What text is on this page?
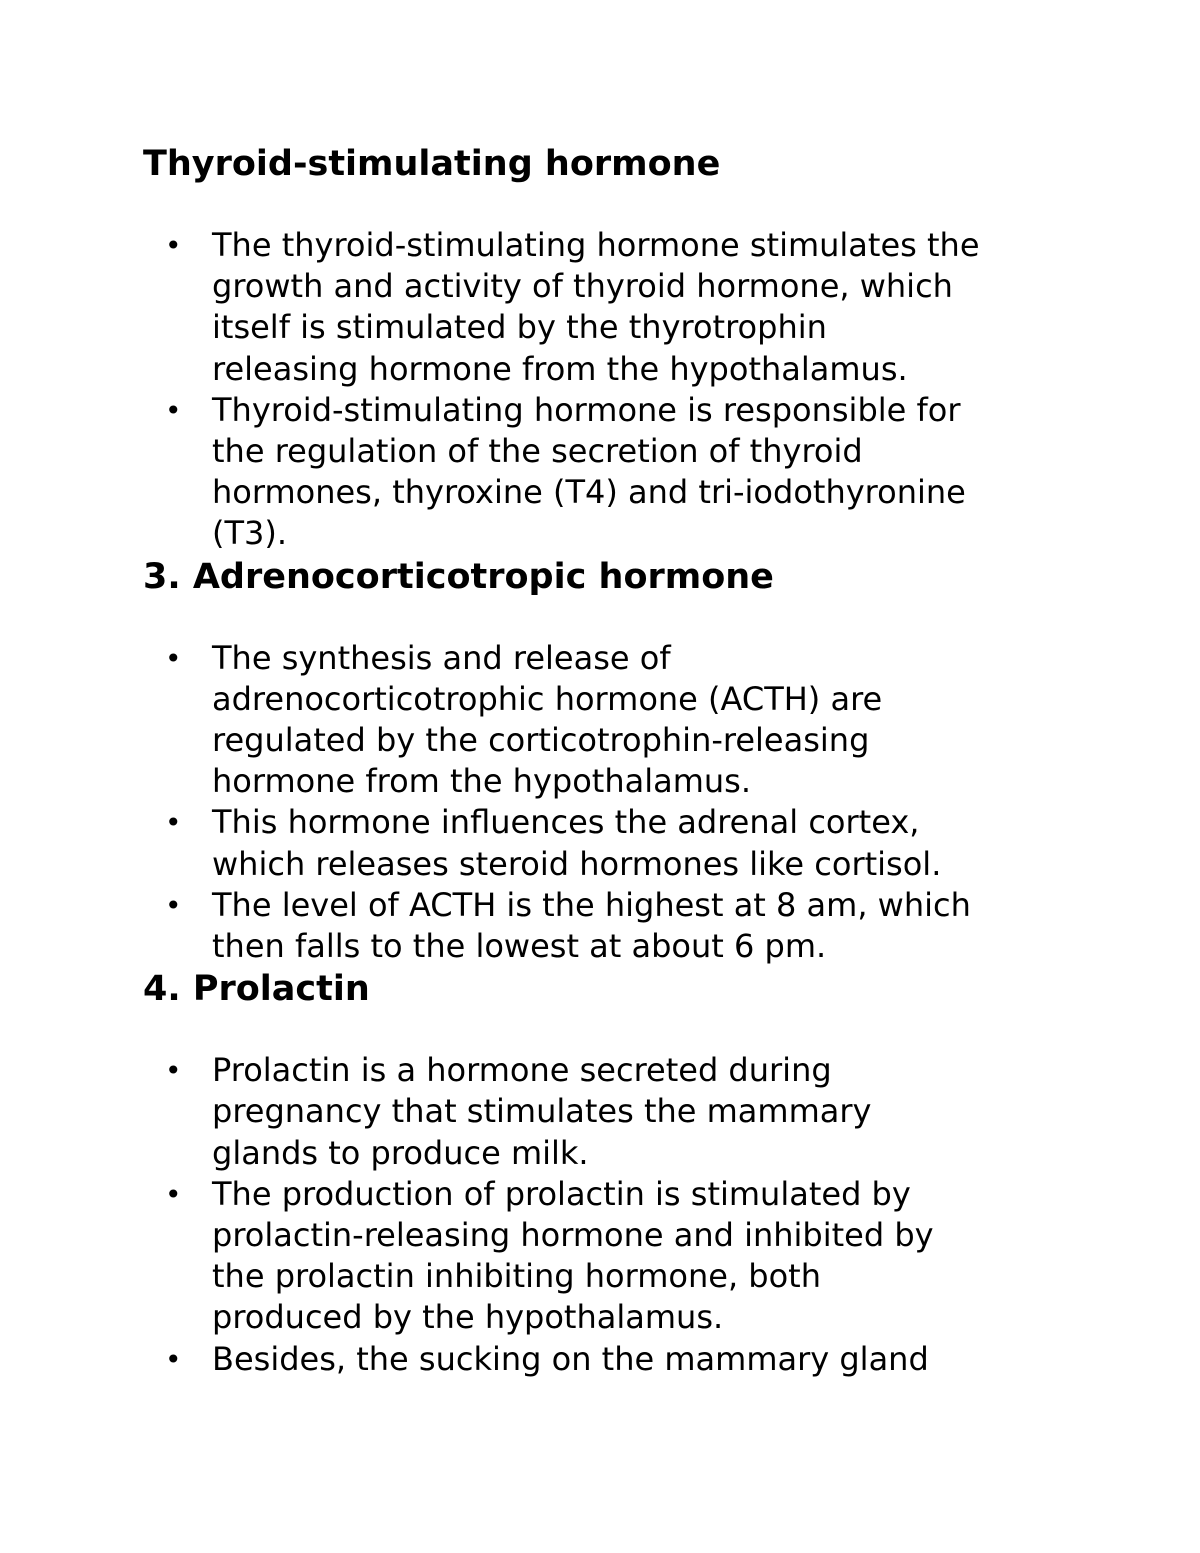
Thyroid-stimulating hormone
• The thyroid-stimulating hormone stimulates the
growth and activity of thyroid hormone, which
itself is stimulated by the thyrotrophin
releasing hormone from the hypothalamus.
• Thyroid-stimulating hormone is responsible for
the regulation of the secretion of thyroid
hormones, thyroxine (T4) and tri-iodothyronine
(T3).
3. Adrenocorticotropic hormone
• The synthesis and release of
adrenocorticotrophic hormone (ACTH) are
regulated by the corticotrophin-releasing
hormone from the hypothalamus.
• This hormone influences the adrenal cortex,
which releases steroid hormones like cortisol.
• The level of ACTH is the highest at 8 am, which
then falls to the lowest at about 6 pm.
4. Prolactin
• Prolactin is a hormone secreted during
pregnancy that stimulates the mammary
glands to produce milk.
• The production of prolactin is stimulated by
prolactin-releasing hormone and inhibited by
the prolactin inhibiting hormone, both
produced by the hypothalamus.
• Besides, the sucking on the mammary gland
